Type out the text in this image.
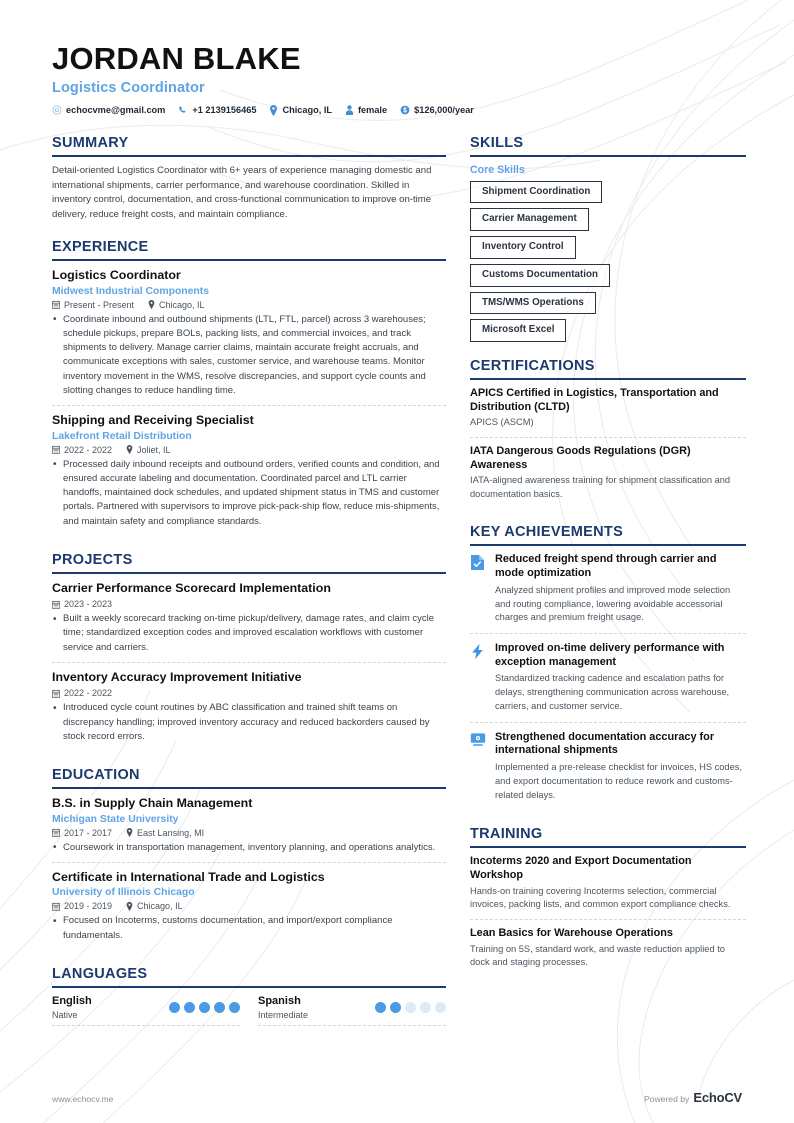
JORDAN BLAKE
Logistics Coordinator
echocvme@gmail.com	+1 2139156465	Chicago, IL	female	$126,000/year
SUMMARY

Detail-oriented Logistics Coordinator with 6+ years of experience managing domestic and international shipments, carrier performance, and warehouse coordination. Skilled in inventory control, documentation, and cross-functional communication to improve on-time delivery, reduce freight costs, and maintain compliance.

EXPERIENCE
Logistics Coordinator
Midwest Industrial Components
Present - Present	Chicago, IL
• Coordinate inbound and outbound shipments (LTL, FTL, parcel) across 3 warehouses; schedule pickups, prepare BOLs, packing lists, and commercial invoices, and track shipments to delivery. Manage carrier claims, maintain accurate freight accruals, and communicate exceptions with sales, customer service, and warehouse teams. Monitor inventory movement in the WMS, resolve discrepancies, and support cycle counts and slotting changes to reduce handling time.
Shipping and Receiving Specialist
Lakefront Retail Distribution
2022 - 2022	Joliet, IL
• Processed daily inbound receipts and outbound orders, verified counts and condition, and ensured accurate labeling and documentation. Coordinated parcel and LTL carrier handoffs, maintained dock schedules, and updated shipment status in TMS and customer portals. Partnered with supervisors to improve pick-pack-ship flow, reduce mis-shipments, and maintain safety and compliance standards.
PROJECTS
Carrier Performance Scorecard Implementation
2023 - 2023
• Built a weekly scorecard tracking on-time pickup/delivery, damage rates, and claim cycle time; standardized exception codes and improved escalation workflows with customer service and carriers.
Inventory Accuracy Improvement Initiative
2022 - 2022
• Introduced cycle count routines by ABC classification and trained shift teams on discrepancy handling; improved inventory accuracy and reduced backorders caused by stock record errors.
EDUCATION
B.S. in Supply Chain Management
Michigan State University
2017 - 2017	East Lansing, MI
• Coursework in transportation management, inventory planning, and operations analytics.
Certificate in International Trade and Logistics
University of Illinois Chicago
2019 - 2019	Chicago, IL
• Focused on Incoterms, customs documentation, and import/export compliance fundamentals.
LANGUAGES
English
Native
Spanish
Intermediate
SKILLS
Core Skills
Shipment Coordination
Carrier Management
Inventory Control
Customs Documentation
TMS/WMS Operations
Microsoft Excel
CERTIFICATIONS
APICS Certified in Logistics, Transportation and Distribution (CLTD)
APICS (ASCM)
IATA Dangerous Goods Regulations (DGR) Awareness
IATA-aligned awareness training for shipment classification and documentation basics.
KEY ACHIEVEMENTS
Reduced freight spend through carrier and mode optimization
Analyzed shipment profiles and improved mode selection and routing compliance, lowering avoidable accessorial charges and premium freight usage.
Improved on-time delivery performance with exception management
Standardized tracking cadence and escalation paths for delays, strengthening communication across warehouse, carriers, and customer service.
Strengthened documentation accuracy for international shipments
Implemented a pre-release checklist for invoices, HS codes, and export documentation to reduce rework and customs-related delays.
TRAINING
Incoterms 2020 and Export Documentation Workshop
Hands-on training covering Incoterms selection, commercial invoices, packing lists, and common export compliance checks.
Lean Basics for Warehouse Operations
Training on 5S, standard work, and waste reduction applied to dock and staging processes.
www.echocv.me	Powered by EchoCV
